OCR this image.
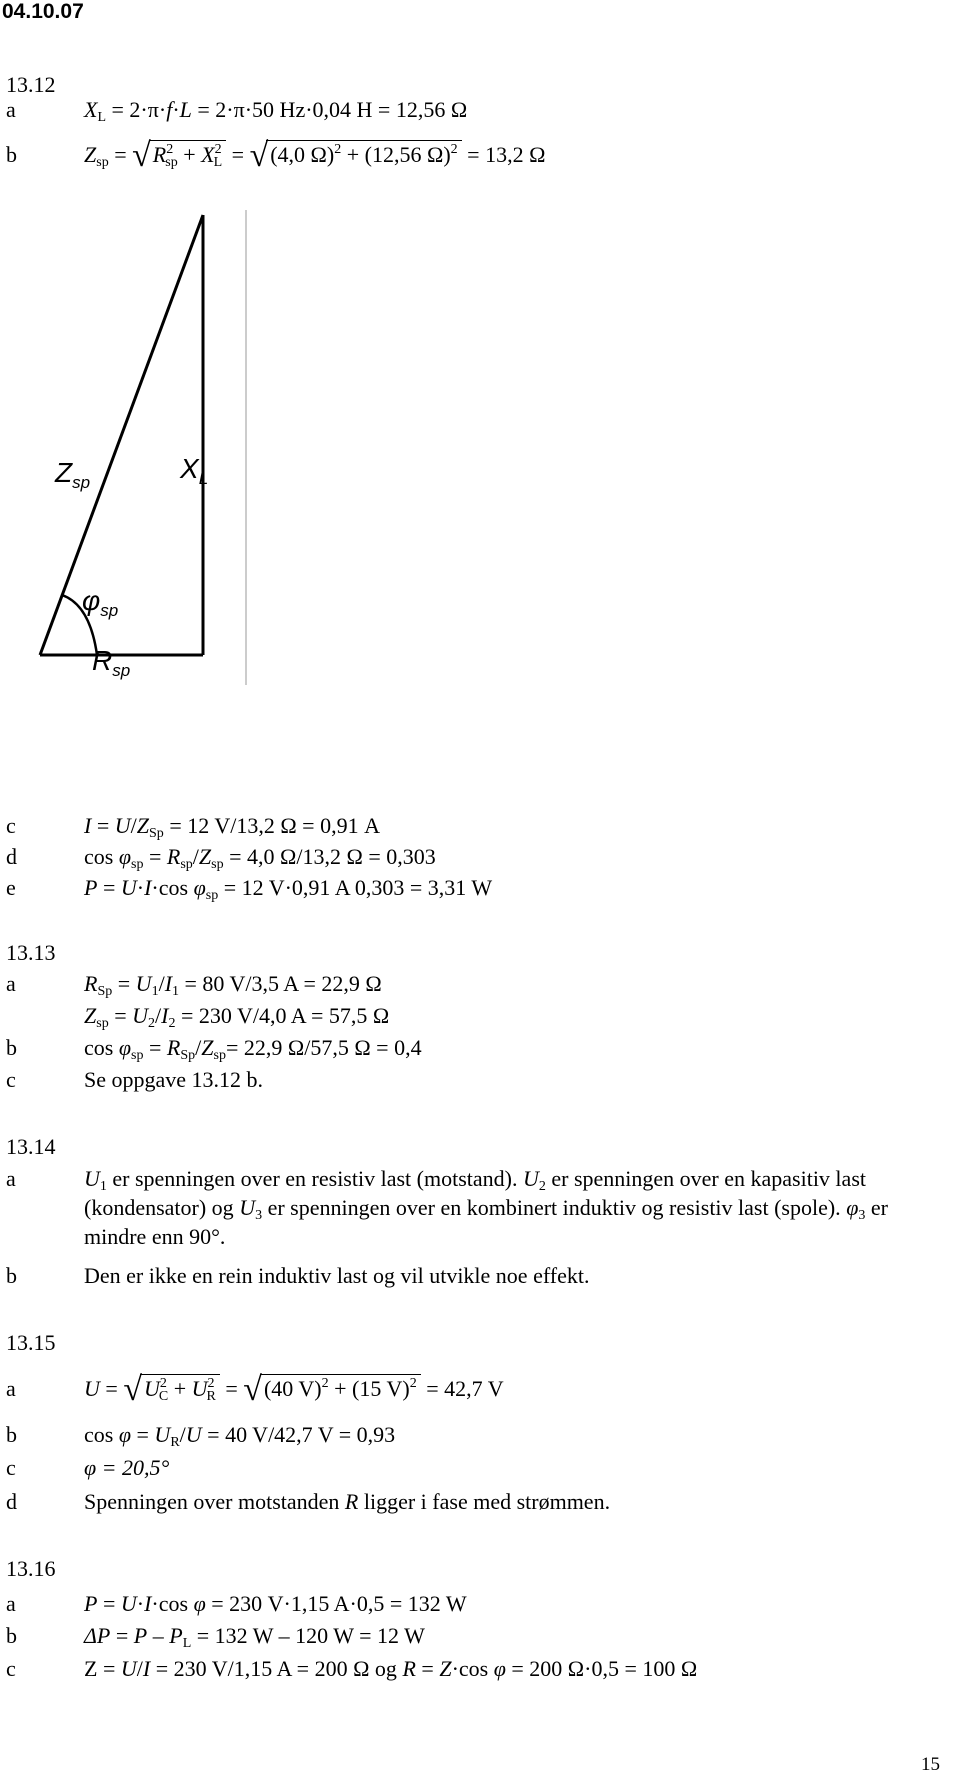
04.10.07
13.12
a	$X_L = 2\cdot\pi\cdot f\cdot L = 2\cdot\pi\cdot 50$ Hz·0,04 H = 12,56 Ω
b	$Z_{sp} = √R^2_{sp} + X^2_L = √(4,0$ Ω)$^2$ + (12,56 Ω)$^2$ = 13,2 Ω
$Z_{sp}$	$X_L$
$\varphi_{sp}$
$R_{sp}$
c	$I = U/Z_{Sp} = 12$ V/13,2 Ω = 0,91 A
d	$\cos \varphi_{sp} = R_{sp}/Z_{sp} = 4,0$ Ω/13,2 Ω = 0,303
e	P = U·I·cos $\varphi_{sp} = 12$ V·0,91 A 0,303 = 3,31 W
13.13
a	$R_{Sp} = U_1/I_1 = 80$ V/3,5 A = 22,9 Ω
$Z_{sp} = U_2/I_2 = 230$ V/4,0 A = 57,5 Ω
b	$\cos \varphi_{sp} = R_{Sp}/Z_{sp}= 22,9$ Ω/57,5 Ω = 0,4
c	Se oppgave 13.12 b.
13.14
a	$U_1$ er spenningen over en resistiv last (motstand). $U_2$ er spenningen over en kapasitiv last (kondensator) og $U_3$ er spenningen over en kombinert induktiv og resistiv last (spole). $\varphi_3$ er mindre enn 90°.
b	Den er ikke en rein induktiv last og vil utvikle noe effekt.
13.15
a	$U = √U^2_C + U^2_R = √(40$ V)$^2$ + (15 V)$^2$ = 42,7 V
b	$\cos \varphi = U_R/U = 40$ V/42,7 V = 0,93
c	φ = 20,5°
d	Spenningen over motstanden R ligger i fase med strømmen.
13.16
a	P = U·I·cos φ = 230 V·1,15 A·0,5 = 132 W
b	$\Delta P = P - P_L = 132$ W – 120 W = 12 W
c	Z = U/I = 230 V/1,15 A = 200 Ω og R = Z·cos φ = 200 Ω·0,5 = 100 Ω
15
